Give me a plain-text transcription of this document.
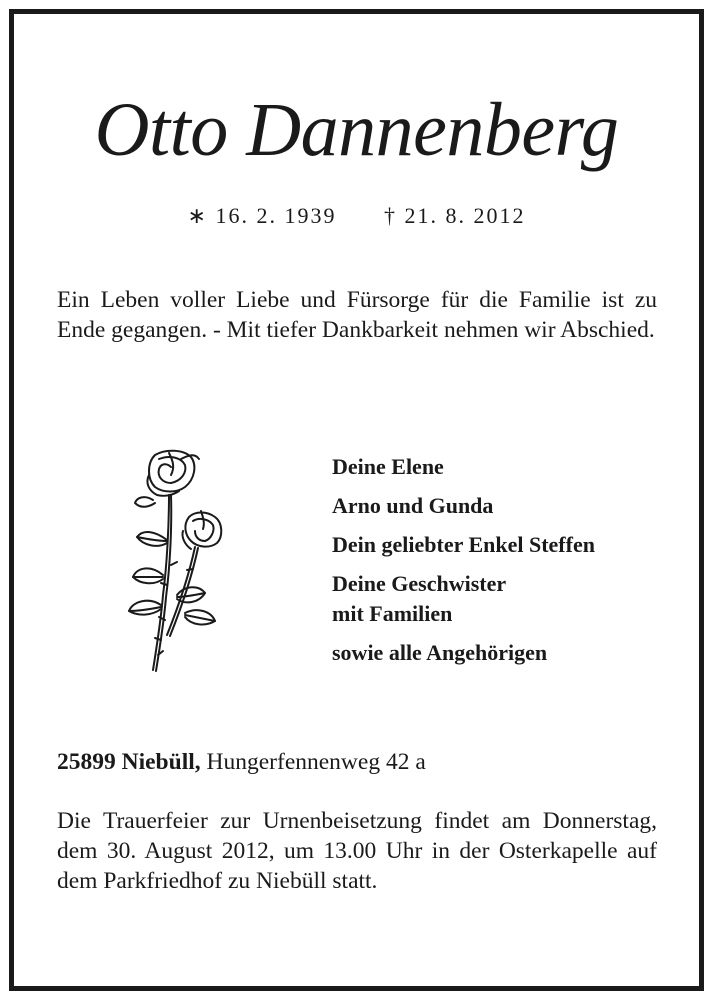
Otto Dannenberg
∗ 16. 2. 1939 † 21. 8. 2012
Ein Leben voller Liebe und Fürsorge für die Familie ist zu Ende gegangen. - Mit tiefer Dankbarkeit nehmen wir Abschied.
Deine Elene
Arno und Gunda
Dein geliebter Enkel Steffen
Deine Geschwister
mit Familien
sowie alle Angehörigen
25899 Niebüll, Hungerfennenweg 42 a
Die Trauerfeier zur Urnenbeisetzung findet am Donnerstag, dem 30. August 2012, um 13.00 Uhr in der Osterkapelle auf dem Parkfriedhof zu Niebüll statt.
